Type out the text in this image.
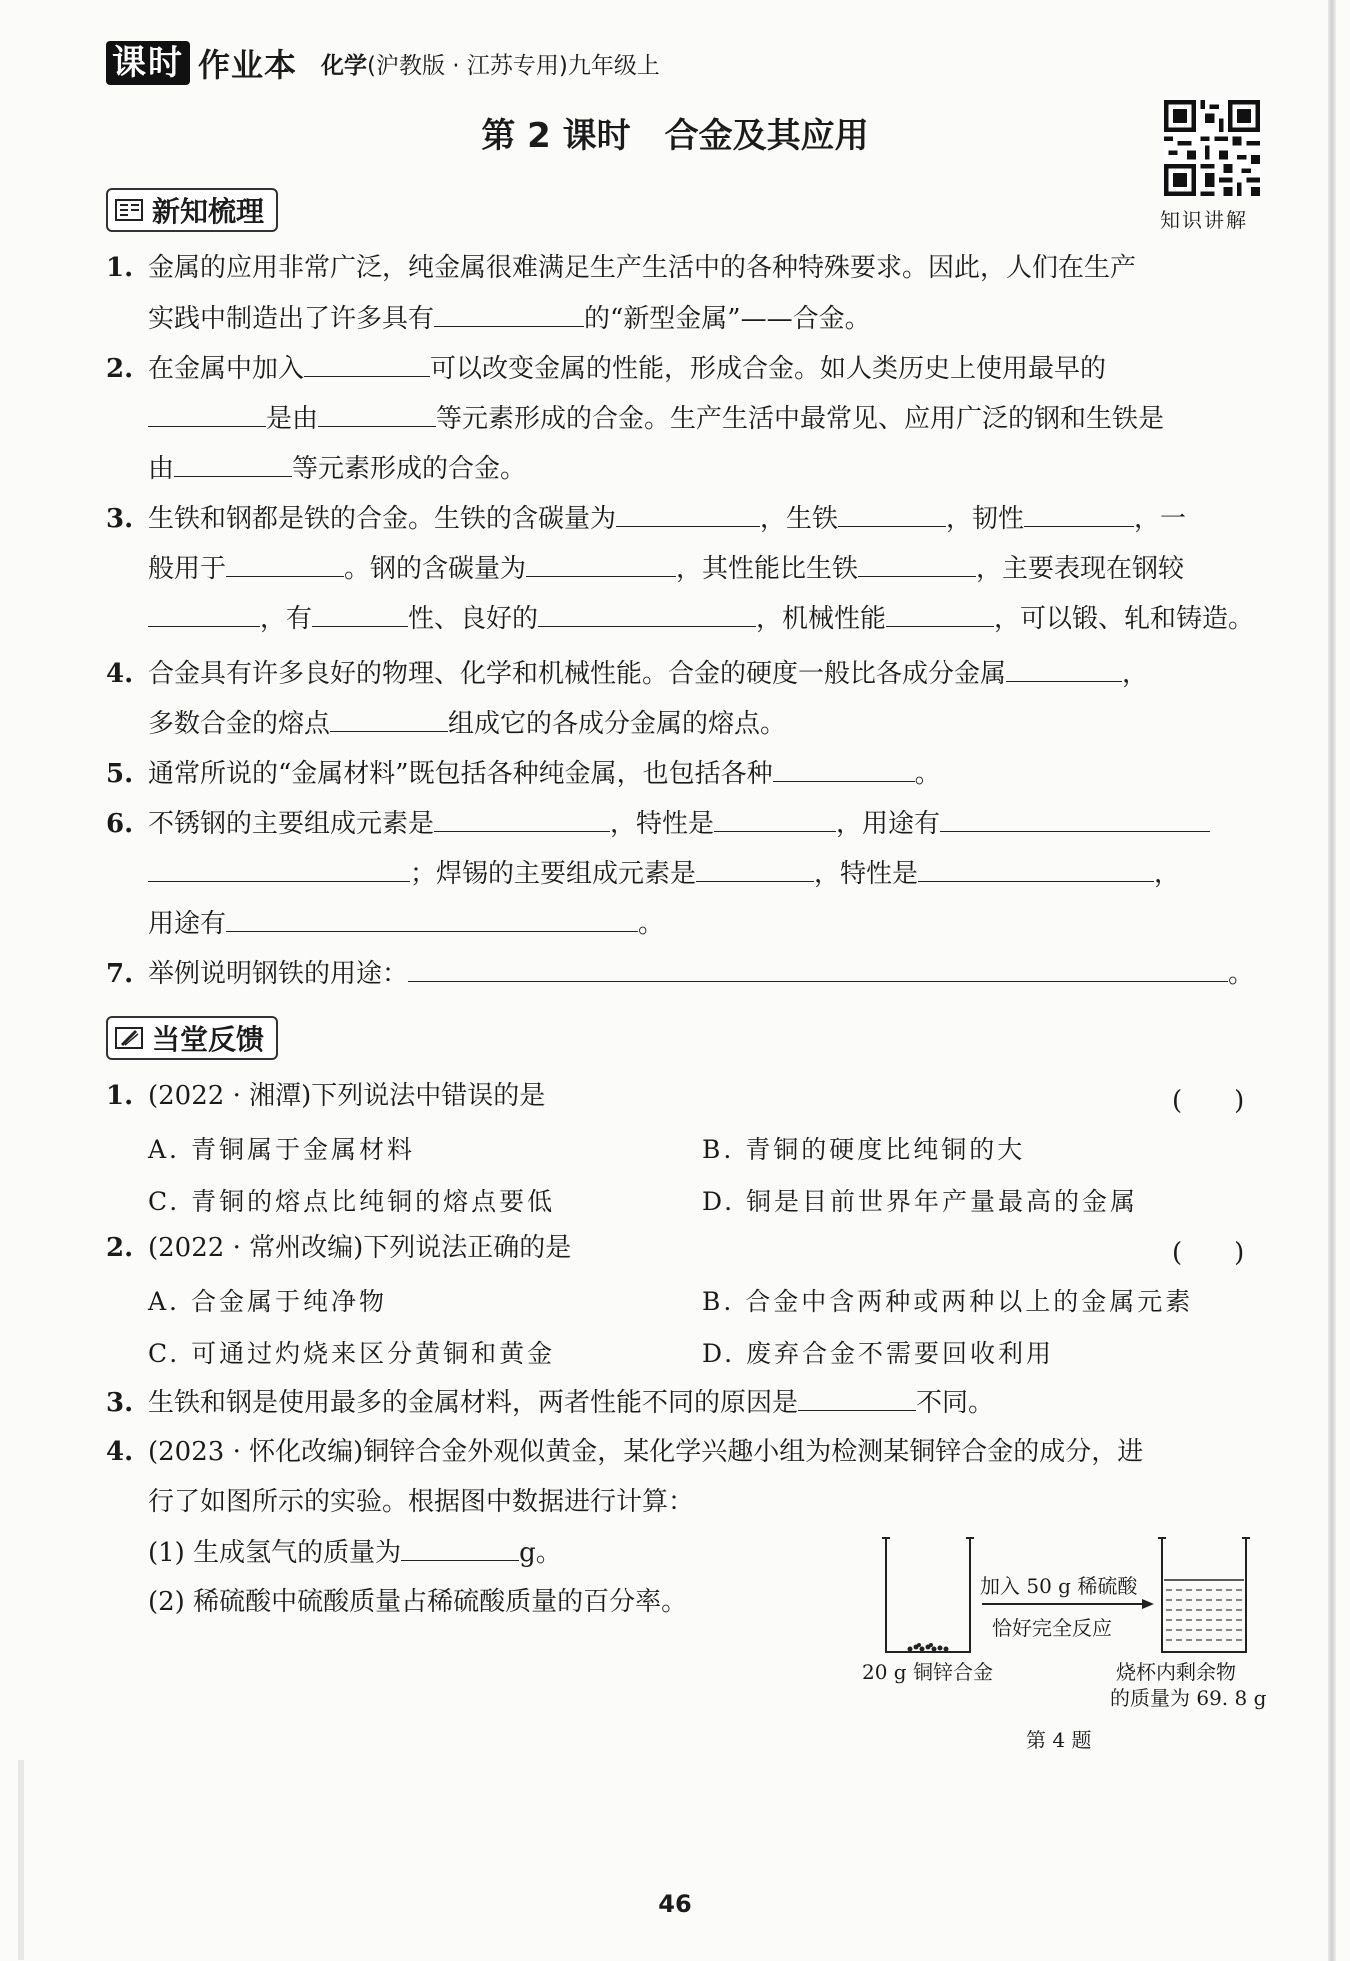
课时 作业本 化学(沪教版 · 江苏专用)九年级上
第 2 课时　合金及其应用
知识讲解
新知梳理
1. 金属的应用非常广泛，纯金属很难满足生产生活中的各种特殊要求。因此，人们在生产
实践中制造出了许多具有	的“新型金属”——合金。
2. 在金属中加入	可以改变金属的性能，形成合金。如人类历史上使用最早的
是由	等元素形成的合金。生产生活中最常见、应用广泛的钢和生铁是
由	等元素形成的合金。
3. 生铁和钢都是铁的合金。生铁的含碳量为	，生铁	，韧性	，一
般用于	。钢的含碳量为	，其性能比生铁	，主要表现在钢较
，有	性、良好的	，机械性能	，可以锻、轧和铸造。
4. 合金具有许多良好的物理、化学和机械性能。合金的硬度一般比各成分金属	，
多数合金的熔点	组成它的各成分金属的熔点。
5. 通常所说的“金属材料”既包括各种纯金属，也包括各种	。
6. 不锈钢的主要组成元素是	，特性是	，用途有
；焊锡的主要组成元素是	，特性是	，
用途有	。
7. 举例说明钢铁的用途：	。
当堂反馈
1. (2022 · 湘潭)下列说法中错误的是	(　　)
A. 青铜属于金属材料	B. 青铜的硬度比纯铜的大
C. 青铜的熔点比纯铜的熔点要低	D. 铜是目前世界年产量最高的金属
2. (2022 · 常州改编)下列说法正确的是	(　　)
A. 合金属于纯净物	B. 合金中含两种或两种以上的金属元素
C. 可通过灼烧来区分黄铜和黄金	D. 废弃合金不需要回收利用
3. 生铁和钢是使用最多的金属材料，两者性能不同的原因是	不同。
4. (2023 · 怀化改编)铜锌合金外观似黄金，某化学兴趣小组为检测某铜锌合金的成分，进
行了如图所示的实验。根据图中数据进行计算：
(1) 生成氢气的质量为	g。
(2) 稀硫酸中硫酸质量占稀硫酸质量的百分率。
加入 50 g 稀硫酸
恰好完全反应
20 g 铜锌合金	烧杯内剩余物
的质量为 69. 8 g
第 4 题
46
